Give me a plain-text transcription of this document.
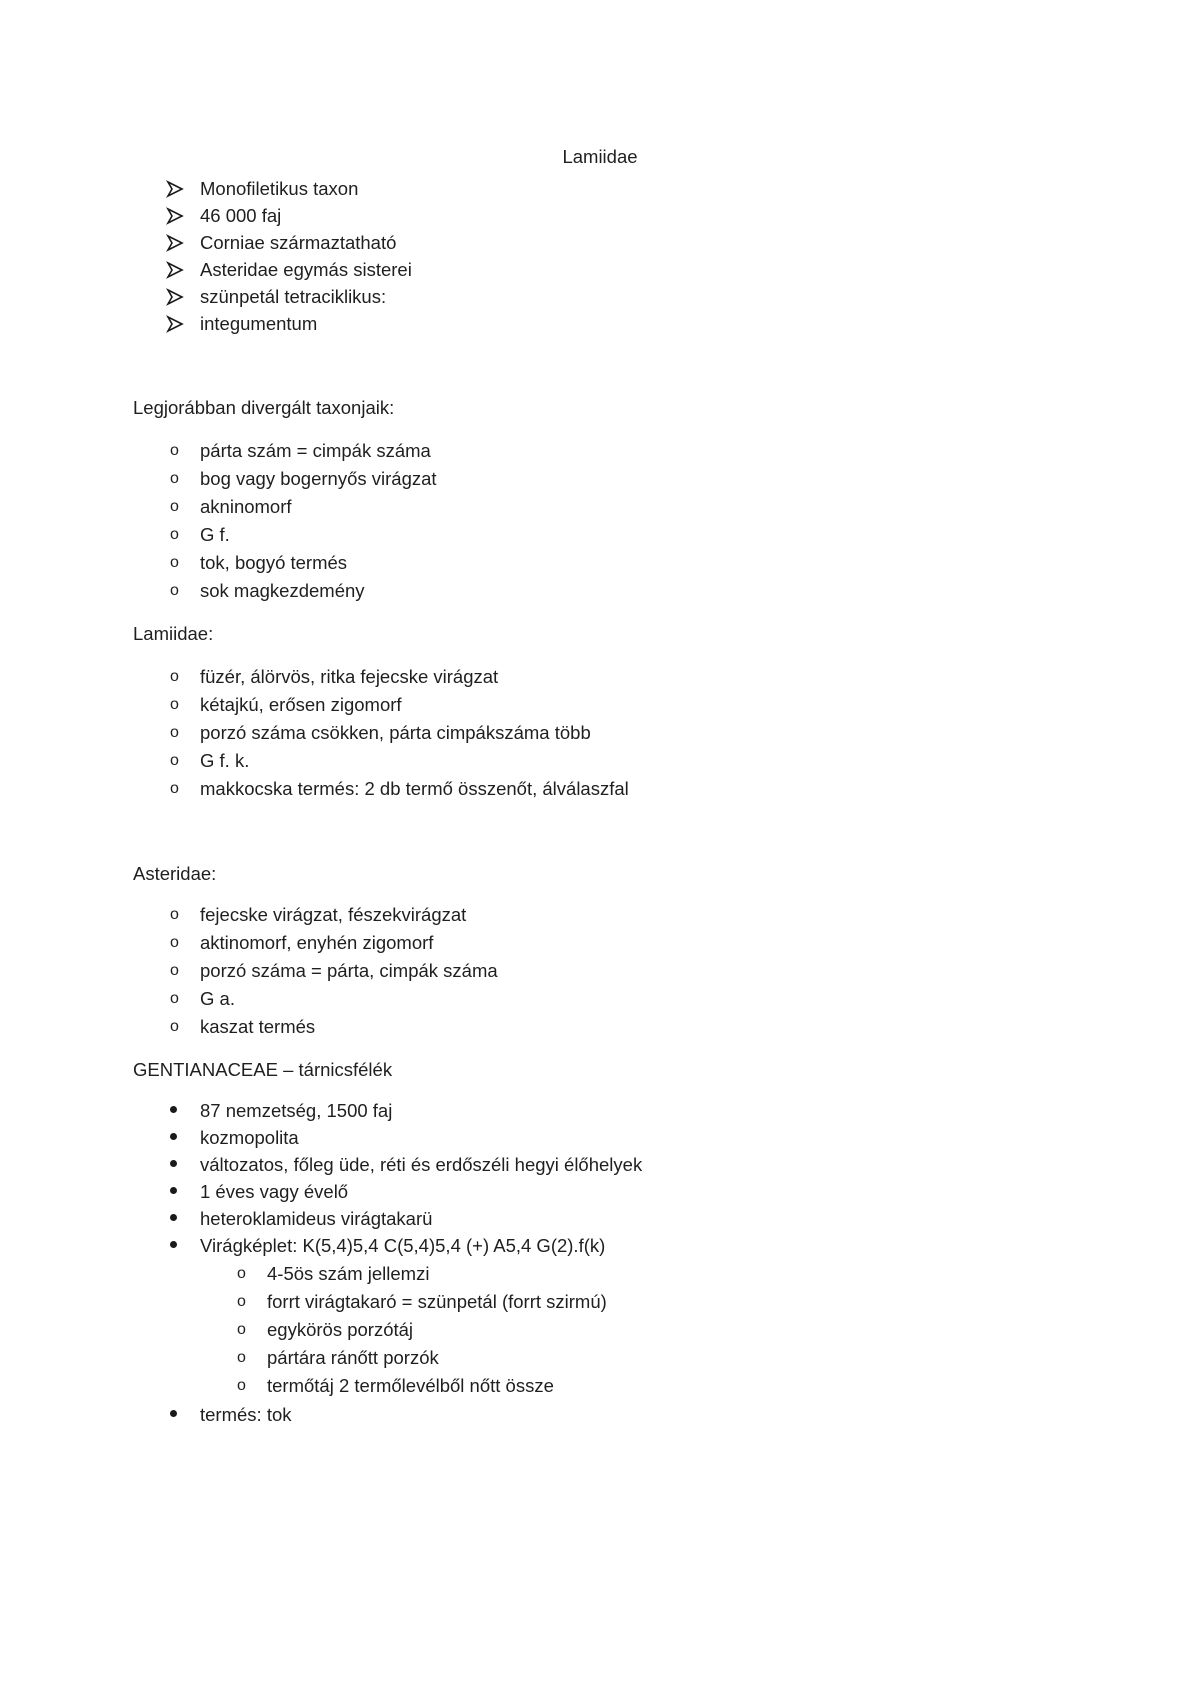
Lamiidae
Monofiletikus taxon
46 000 faj
Corniae származtatható
Asteridae egymás sisterei
szünpetál tetraciklikus:
integumentum
Legjorábban divergált taxonjaik:
o párta szám = cimpák száma
o bog vagy bogernyős virágzat
o akninomorf
o G f.
o tok, bogyó termés
o sok magkezdemény
Lamiidae:
o füzér, álörvös, ritka fejecske virágzat
o kétajkú, erősen zigomorf
o porzó száma csökken, párta cimpákszáma több
o G f. k.
o makkocska termés: 2 db termő összenőt, álválaszfal
Asteridae:
o fejecske virágzat, fészekvirágzat
o aktinomorf, enyhén zigomorf
o porzó száma = párta, cimpák száma
o G a.
o kaszat termés
GENTIANACEAE – tárnicsfélék
87 nemzetség, 1500 faj
kozmopolita
változatos, főleg üde, réti és erdőszéli hegyi élőhelyek
1 éves vagy évelő
heteroklamideus virágtakarü
Virágképlet: K(5,4)5,4 C(5,4)5,4 (+) A5,4 G(2).f(k)
o 4-5ös szám jellemzi
o forrt virágtakaró = szünpetál (forrt szirmú)
o egykörös porzótáj
o pártára ránőtt porzók
o termőtáj 2 termőlevélből nőtt össze
termés: tok
